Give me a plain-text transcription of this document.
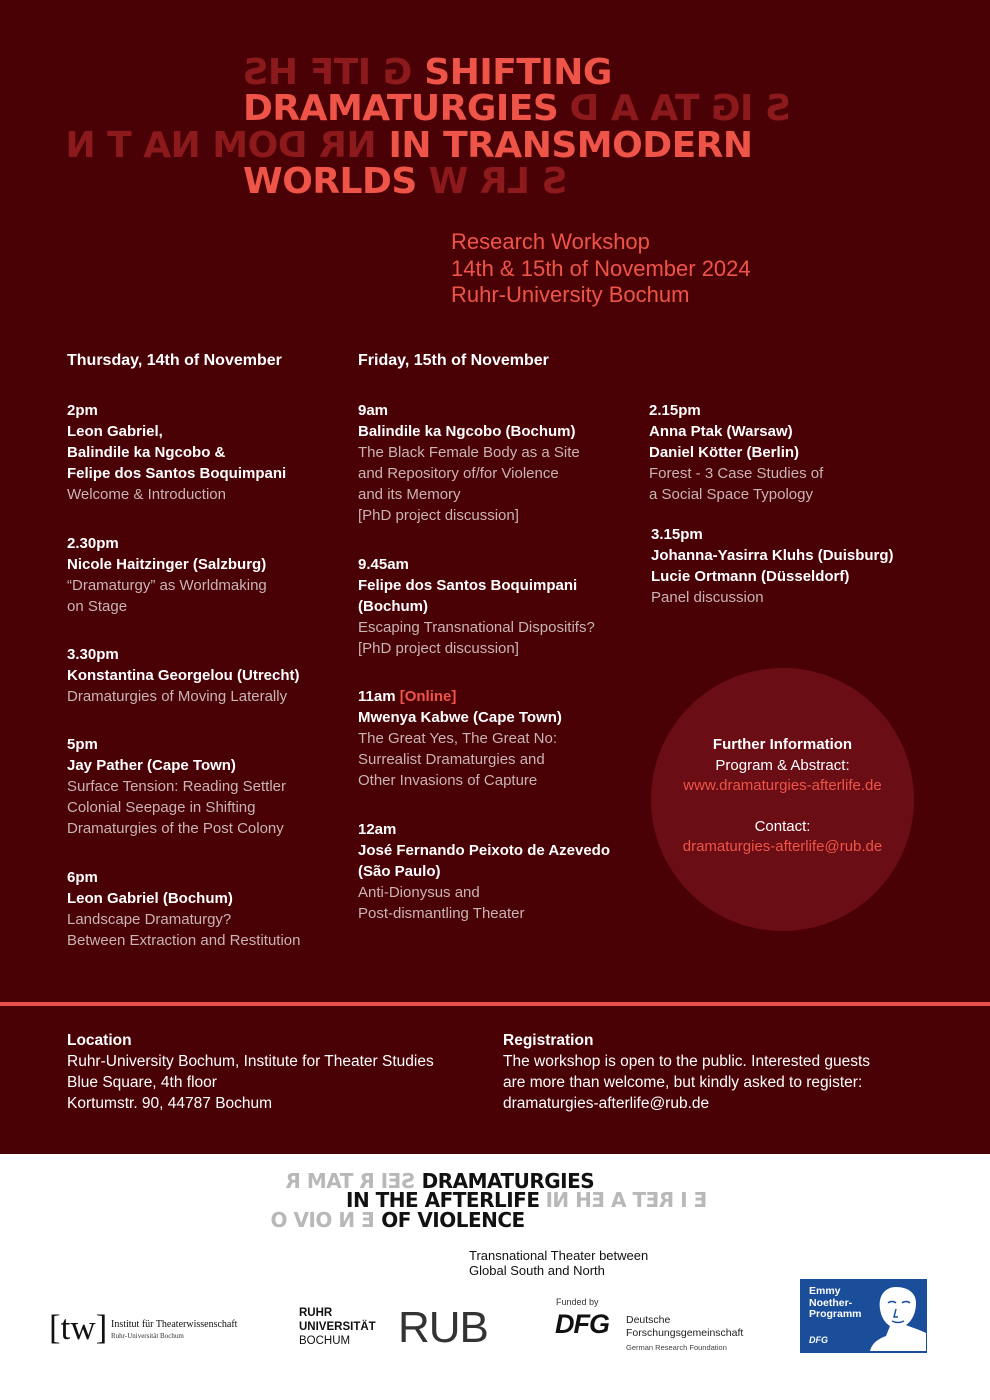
G ITF HS SHIFTING
DRAMATURGIES S IG TA A D
NR DOM NA T N IN TRANSMODERN
WORLDS S LR W
Research Workshop
14th & 15th of November 2024
Ruhr-University Bochum
Thursday, 14th of November	Friday, 15th of November
2pm
Leon Gabriel,
Balindile ka Ngcobo &
Felipe dos Santos Boquimpani
Welcome & Introduction
2.30pm
Nicole Haitzinger (Salzburg)
“Dramaturgy” as Worldmaking
on Stage
3.30pm
Konstantina Georgelou (Utrecht)
Dramaturgies of Moving Laterally
5pm
Jay Pather (Cape Town)
Surface Tension: Reading Settler
Colonial Seepage in Shifting
Dramaturgies of the Post Colony
6pm
Leon Gabriel (Bochum)
Landscape Dramaturgy?
Between Extraction and Restitution
9am
Balindile ka Ngcobo (Bochum)
The Black Female Body as a Site
and Repository of/for Violence
and its Memory
[PhD project discussion]
9.45am
Felipe dos Santos Boquimpani
(Bochum)
Escaping Transnational Dispositifs?
[PhD project discussion]
11am [Online]
Mwenya Kabwe (Cape Town)
The Great Yes, The Great No:
Surrealist Dramaturgies and
Other Invasions of Capture
12am
José Fernando Peixoto de Azevedo
(São Paulo)
Anti-Dionysus and
Post-dismantling Theater
2.15pm
Anna Ptak (Warsaw)
Daniel Kötter (Berlin)
Forest - 3 Case Studies of
a Social Space Typology
3.15pm
Johanna-Yasirra Kluhs (Duisburg)
Lucie Ortmann (Düsseldorf)
Panel discussion
Further Information
Program & Abstract:
www.dramaturgies-afterlife.de
Contact:
dramaturgies-afterlife@rub.de
Location
Ruhr-University Bochum, Institute for Theater Studies
Blue Square, 4th floor
Kortumstr. 90, 44787 Bochum
Registration
The workshop is open to the public. Interested guests
are more than welcome, but kindly asked to register:
dramaturgies-afterlife@rub.de
SEI R TAM R DRAMATURGIES
IN THE AFTERLIFE E I RET A EH NI
E N OIV O OF VIOLENCE
Transnational Theater between
Global South and North
[tw] Institut für Theaterwissenschaft
Ruhr-Universität Bochum
RUHR
UNIVERSITÄT
BOCHUM	RUB
Funded by
DFG Deutsche
Forschungsgemeinschaft
German Research Foundation
Emmy
Noether-
Programm
DFG
